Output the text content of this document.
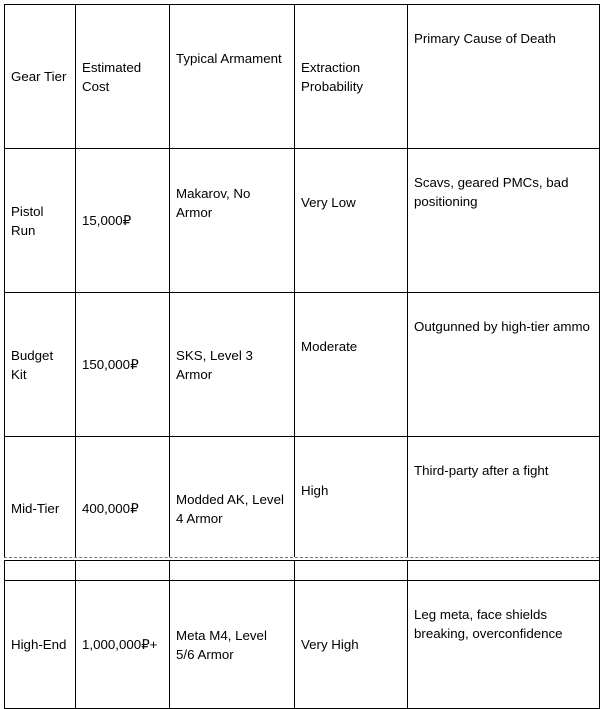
Gear Tier	Estimated Cost	Typical Armament	Extraction Probability	Primary Cause of Death
Pistol Run	15,000₽	Makarov, No Armor	Very Low	Scavs, geared PMCs, bad positioning
Budget Kit	150,000₽	SKS, Level 3 Armor	Moderate	Outgunned by high-tier ammo
Mid-Tier	400,000₽	Modded AK, Level 4 Armor	High	Third-party after a fight
High-End	1,000,000₽+	Meta M4, Level 5/6 Armor	Very High	Leg meta, face shields breaking, overconfidence
